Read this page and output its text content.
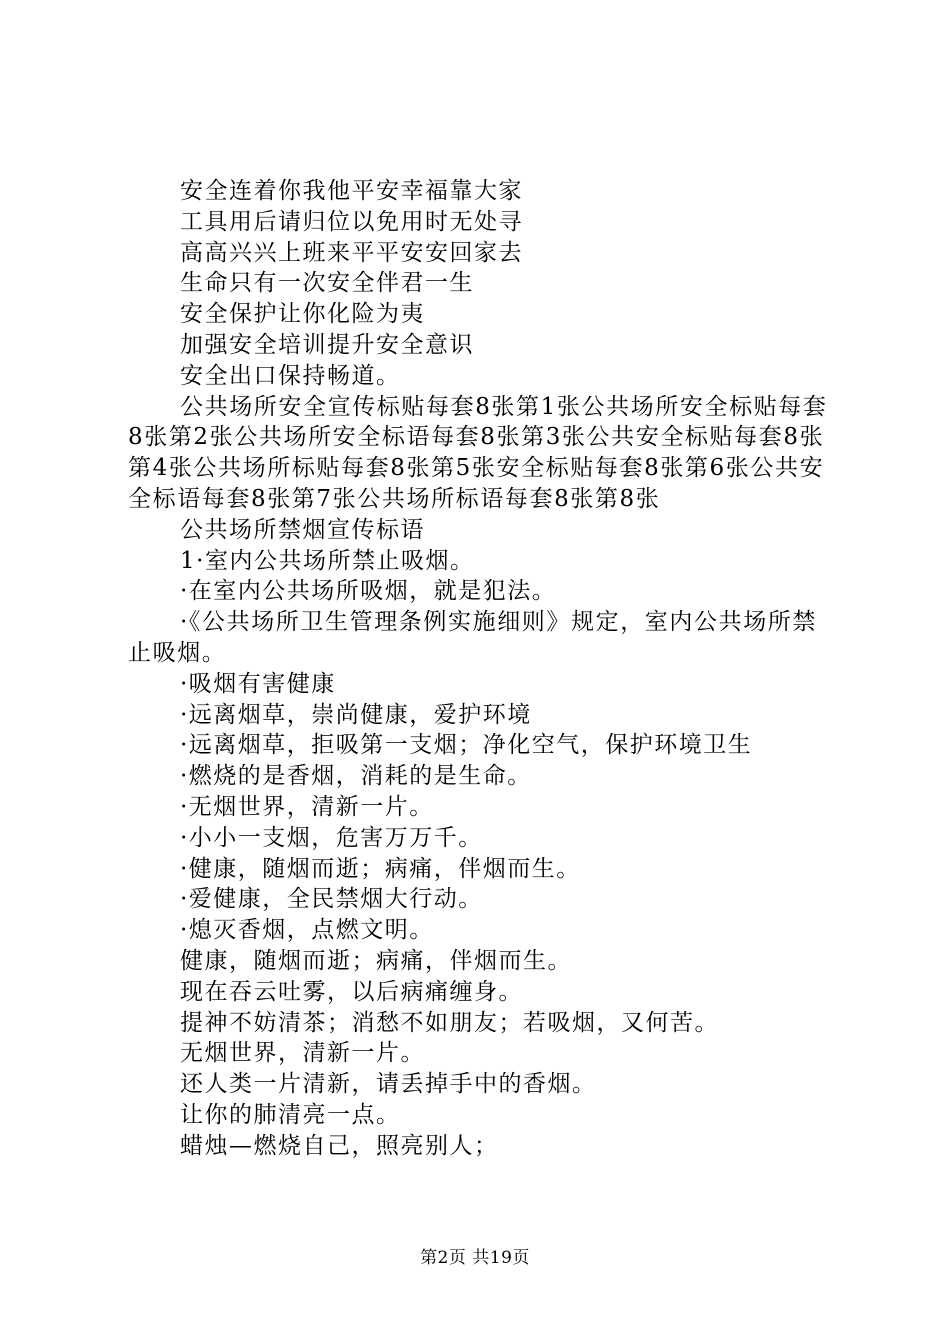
安全连着你我他平安幸福靠大家
工具用后请归位以免用时无处寻
高高兴兴上班来平平安安回家去
生命只有一次安全伴君一生
安全保护让你化险为夷
加强安全培训提升安全意识
安全出口保持畅道。
公共场所安全宣传标贴每套8张第1张公共场所安全标贴每套8张第2张公共场所安全标语每套8张第3张公共安全标贴每套8张第4张公共场所标贴每套8张第5张安全标贴每套8张第6张公共安全标语每套8张第7张公共场所标语每套8张第8张
公共场所禁烟宣传标语
1·室内公共场所禁止吸烟。
·在室内公共场所吸烟，就是犯法。
·《公共场所卫生管理条例实施细则》规定，室内公共场所禁止吸烟。
·吸烟有害健康
·远离烟草，崇尚健康，爱护环境
·远离烟草，拒吸第一支烟；净化空气，保护环境卫生
·燃烧的是香烟，消耗的是生命。
·无烟世界，清新一片。
·小小一支烟，危害万万千。
·健康，随烟而逝；病痛，伴烟而生。
·爱健康，全民禁烟大行动。
·熄灭香烟，点燃文明。
健康，随烟而逝；病痛，伴烟而生。
现在吞云吐雾，以后病痛缠身。
提神不妨清茶；消愁不如朋友；若吸烟，又何苦。
无烟世界，清新一片。
还人类一片清新，请丢掉手中的香烟。
让你的肺清亮一点。
蜡烛—燃烧自己，照亮别人；
第2页 共19页
